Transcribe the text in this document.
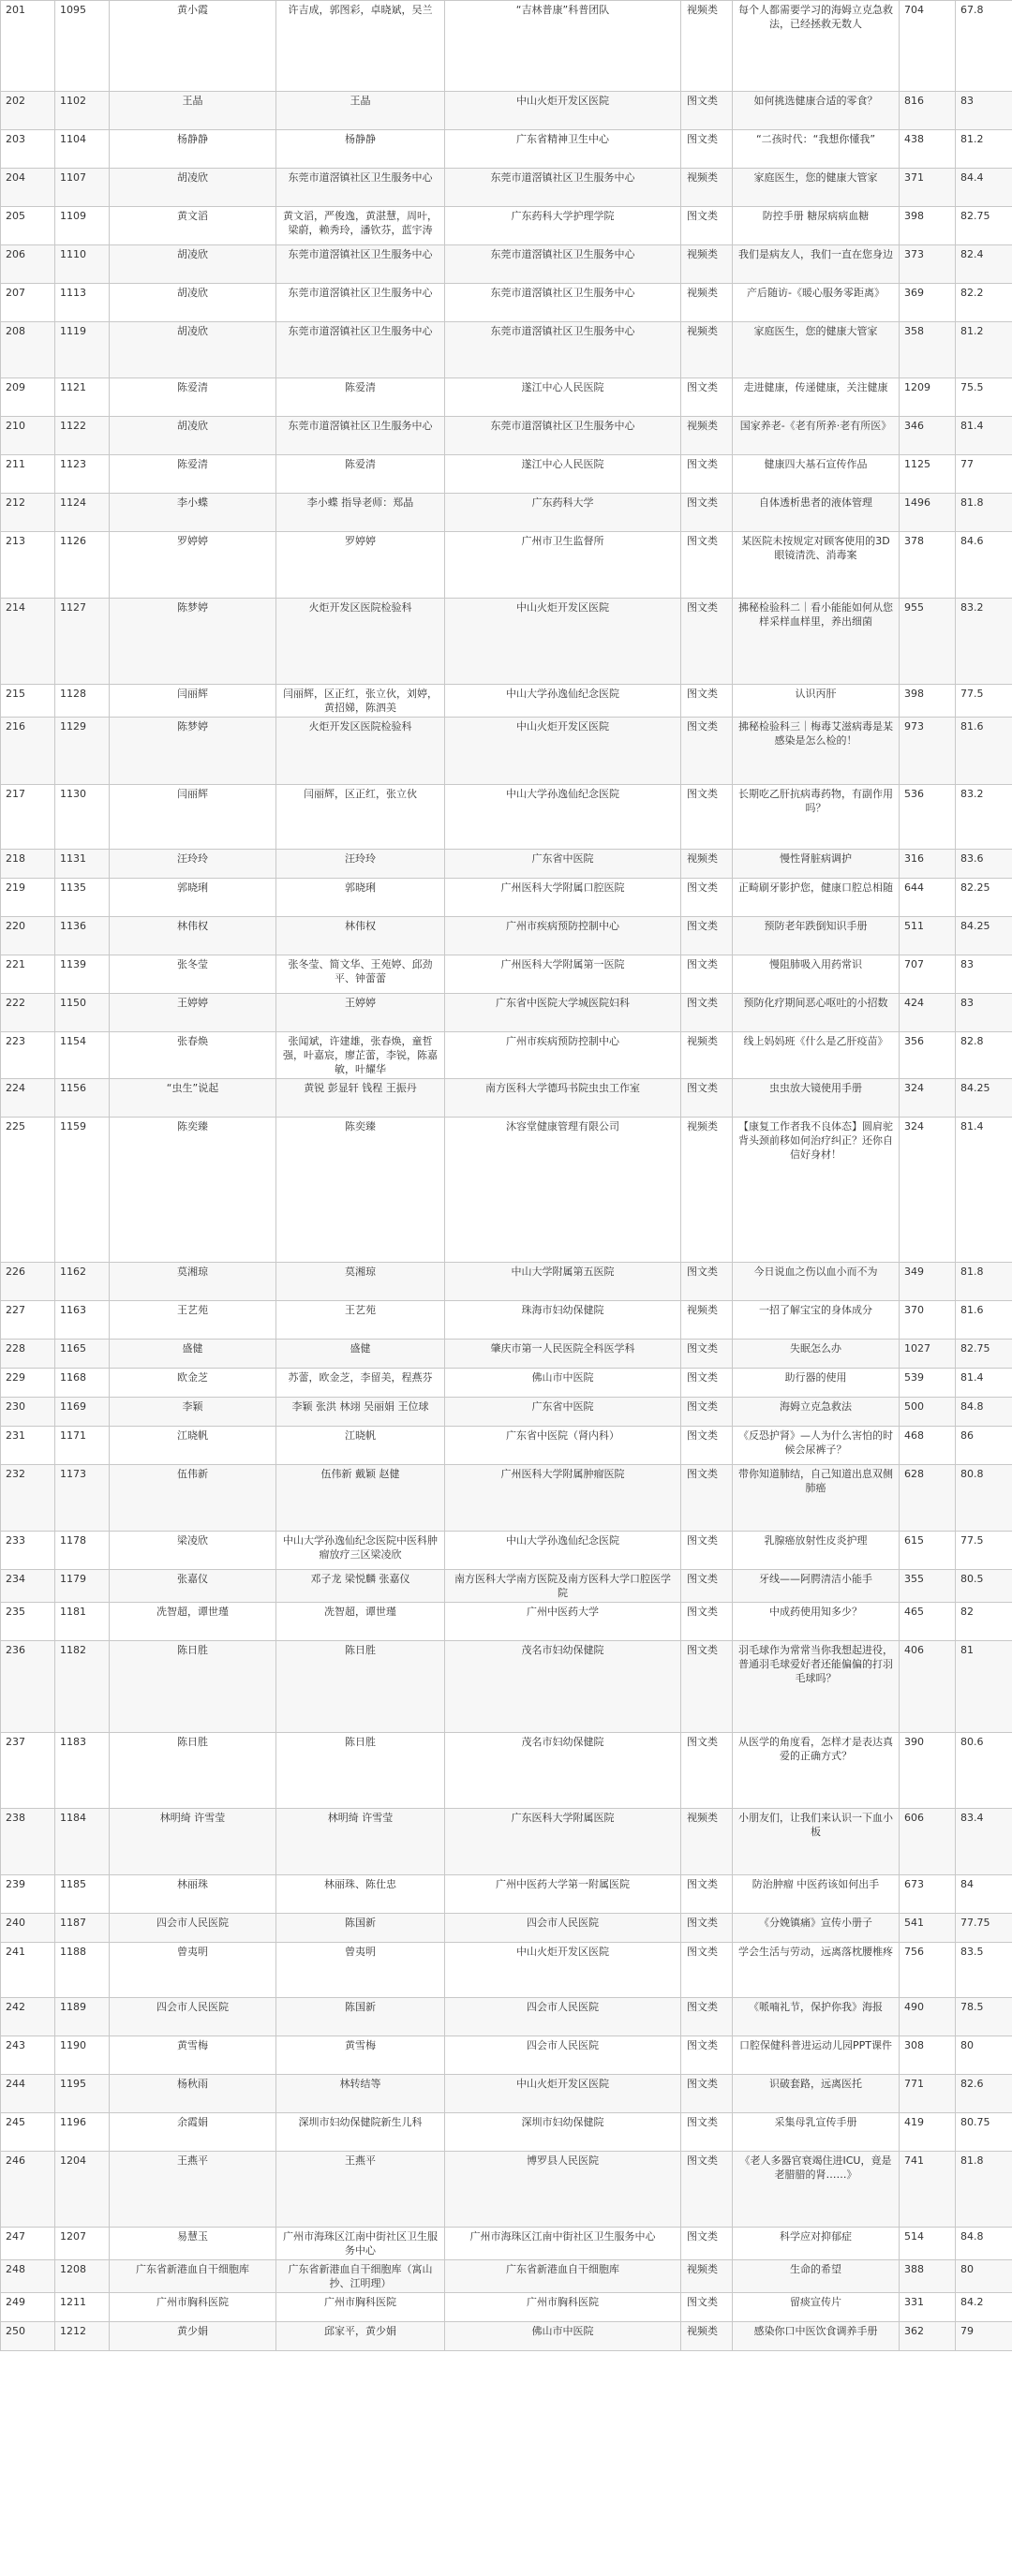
201	1095	黄小霞	许吉成，郭图彩，卓晓斌，吴兰	“吉林普康”科普团队	视频类	每个人都需要学习的海姆立克急救法，已经拯救无数人	704	67.8
202	1102	王晶	王晶	中山火炬开发区医院	图文类	如何挑选健康合适的零食？	816	83
203	1104	杨静静	杨静静	广东省精神卫生中心	图文类	“二孩时代：“我想你懂我”	438	81.2
204	1107	胡凌欣	东莞市道滘镇社区卫生服务中心	东莞市道滘镇社区卫生服务中心	视频类	家庭医生，您的健康大管家	371	84.4
205	1109	黄文滔	黄文滔，严俊逸，黄湛慧，周叶，梁蔚，赖秀玲，潘钦芬，蓝宇涛	广东药科大学护理学院	图文类	防控手册 糖尿病病血糖	398	82.75
206	1110	胡凌欣	东莞市道滘镇社区卫生服务中心	东莞市道滘镇社区卫生服务中心	视频类	我们是病友人，我们一直在您身边	373	82.4
207	1113	胡凌欣	东莞市道滘镇社区卫生服务中心	东莞市道滘镇社区卫生服务中心	视频类	产后随访-《暖心服务零距离》	369	82.2
208	1119	胡凌欣	东莞市道滘镇社区卫生服务中心	东莞市道滘镇社区卫生服务中心	视频类	家庭医生，您的健康大管家	358	81.2
209	1121	陈爱清	陈爱清	遂江中心人民医院	图文类	走进健康，传递健康，关注健康	1209	75.5
210	1122	胡凌欣	东莞市道滘镇社区卫生服务中心	东莞市道滘镇社区卫生服务中心	视频类	国家养老-《老有所养·老有所医》	346	81.4
211	1123	陈爱清	陈爱清	遂江中心人民医院	图文类	健康四大基石宣传作品	1125	77
212	1124	李小蝶	李小蝶 指导老师：郑晶	广东药科大学	图文类	自体透析患者的液体管理	1496	81.8
213	1126	罗婷婷	罗婷婷	广州市卫生监督所	图文类	某医院未按规定对顾客使用的3D眼镜清洗、消毒案	378	84.6
214	1127	陈梦婷	火炬开发区医院检验科	中山火炬开发区医院	图文类	拂秘检验科二｜看小能能如何从您样采样血样里，养出细菌	955	83.2
215	1128	闫丽辉	闫丽辉，区正红，张立伙，刘婷，黄招娣，陈泗美	中山大学孙逸仙纪念医院	图文类	认识丙肝	398	77.5
216	1129	陈梦婷	火炬开发区医院检验科	中山火炬开发区医院	图文类	拂秘检验科三｜梅毒艾滋病毒是某感染是怎么检的！	973	81.6
217	1130	闫丽辉	闫丽辉，区正红，张立伙	中山大学孙逸仙纪念医院	图文类	长期吃乙肝抗病毒药物，有副作用吗？	536	83.2
218	1131	汪玲玲	汪玲玲	广东省中医院	视频类	慢性肾脏病调护	316	83.6
219	1135	郭晓琍	郭晓琍	广州医科大学附属口腔医院	图文类	正畸刷牙影护您，健康口腔总相随	644	82.25
220	1136	林伟权	林伟权	广州市疾病预防控制中心	图文类	预防老年跌倒知识手册	511	84.25
221	1139	张冬莹	张冬莹、简文华、王苑婷、邱劲平、钟蕾蕾	广州医科大学附属第一医院	图文类	慢阻肺吸入用药常识	707	83
222	1150	王婷婷	王婷婷	广东省中医院大学城医院妇科	图文类	预防化疗期间恶心呕吐的小招数	424	83
223	1154	张春焕	张闻斌，许建雄，张春焕，童哲强，叶嘉宸，廖芷蕾，李锐，陈嘉敏，叶耀华	广州市疾病预防控制中心	视频类	线上妈妈班《什么是乙肝疫苗》	356	82.8
224	1156	“虫生”说起	黄锐 彭显轩 钱程 王振丹	南方医科大学德玛书院虫虫工作室	图文类	虫虫放大镜使用手册	324	84.25
225	1159	陈奕臻	陈奕臻	沐容堂健康管理有限公司	视频类	【康复工作者我不良体态】圆肩驼背头颈前移如何治疗纠正？还你自信好身材！	324	81.4
226	1162	莫湘琼	莫湘琼	中山大学附属第五医院	图文类	今日说血之伤以血小而不为	349	81.8
227	1163	王艺苑	王艺苑	珠海市妇幼保健院	视频类	一招了解宝宝的身体成分	370	81.6
228	1165	盛健	盛健	肇庆市第一人民医院全科医学科	图文类	失眠怎么办	1027	82.75
229	1168	欧金芝	苏蕾，欧金芝，李留美，程燕芬	佛山市中医院	图文类	助行器的使用	539	81.4
230	1169	李颖	李颖 张洪 林翊 吴丽娟 王位球	广东省中医院	图文类	海姆立克急救法	500	84.8
231	1171	江晓帆	江晓帆	广东省中医院（肾内科）	图文类	《反恐护肾》—人为什么害怕的时候会尿裤子？	468	86
232	1173	伍伟新	伍伟新 戴颖 赵健	广州医科大学附属肿瘤医院	图文类	带你知道肺结，自己知道出息双侧肺癌	628	80.8
233	1178	梁凌欣	中山大学孙逸仙纪念医院中医科肿瘤放疗三区梁凌欣	中山大学孙逸仙纪念医院	图文类	乳腺癌放射性皮炎护理	615	77.5
234	1179	张嘉仪	邓子龙 梁悦麟 张嘉仪	南方医科大学南方医院及南方医科大学口腔医学院	图文类	牙线——阿腭清洁小能手	355	80.5
235	1181	冼智超，谭世瑾	冼智超，谭世瑾	广州中医药大学	图文类	中成药使用知多少？	465	82
236	1182	陈日胜	陈日胜	茂名市妇幼保健院	图文类	羽毛球作为常常当你我想起进役，普通羽毛球爱好者还能偏偏的打羽毛球吗？	406	81
237	1183	陈日胜	陈日胜	茂名市妇幼保健院	图文类	从医学的角度看，怎样才是表达真爱的正确方式？	390	80.6
238	1184	林明绮 许雪莹	林明绮 许雪莹	广东医科大学附属医院	视频类	小朋友们，让我们来认识一下血小板	606	83.4
239	1185	林丽珠	林丽珠、陈仕忠	广州中医药大学第一附属医院	图文类	防治肿瘤 中医药该如何出手	673	84
240	1187	四会市人民医院	陈国新	四会市人民医院	图文类	《分娩镇痛》宣传小册子	541	77.75
241	1188	曾夷明	曾夷明	中山火炬开发区医院	图文类	学会生活与劳动，远离落枕腰椎疼	756	83.5
242	1189	四会市人民医院	陈国新	四会市人民医院	图文类	《哌喃礼节，保护你我》海报	490	78.5
243	1190	黄雪梅	黄雪梅	四会市人民医院	图文类	口腔保健科普进运动儿园PPT课件	308	80
244	1195	杨秋雨	林转结等	中山火炬开发区医院	图文类	识破套路，远离医托	771	82.6
245	1196	余霞娟	深圳市妇幼保健院新生儿科	深圳市妇幼保健院	图文类	采集母乳宣传手册	419	80.75
246	1204	王燕平	王燕平	博罗县人民医院	图文类	《老人多器官衰竭住进ICU，竟是老腊腊的肾……》	741	81.8
247	1207	易慧玉	广州市海珠区江南中街社区卫生服务中心	广州市海珠区江南中街社区卫生服务中心	图文类	科学应对抑郁症	514	84.8
248	1208	广东省新港血自干细胞库	广东省新港血自干细胞库（寓山抄、江明理）	广东省新港血自干细胞库	视频类	生命的希望	388	80
249	1211	广州市胸科医院	广州市胸科医院	广州市胸科医院	图文类	留痰宣传片	331	84.2
250	1212	黄少娟	邱家平，黄少娟	佛山市中医院	视频类	感染你口中医饮食调养手册	362	79
